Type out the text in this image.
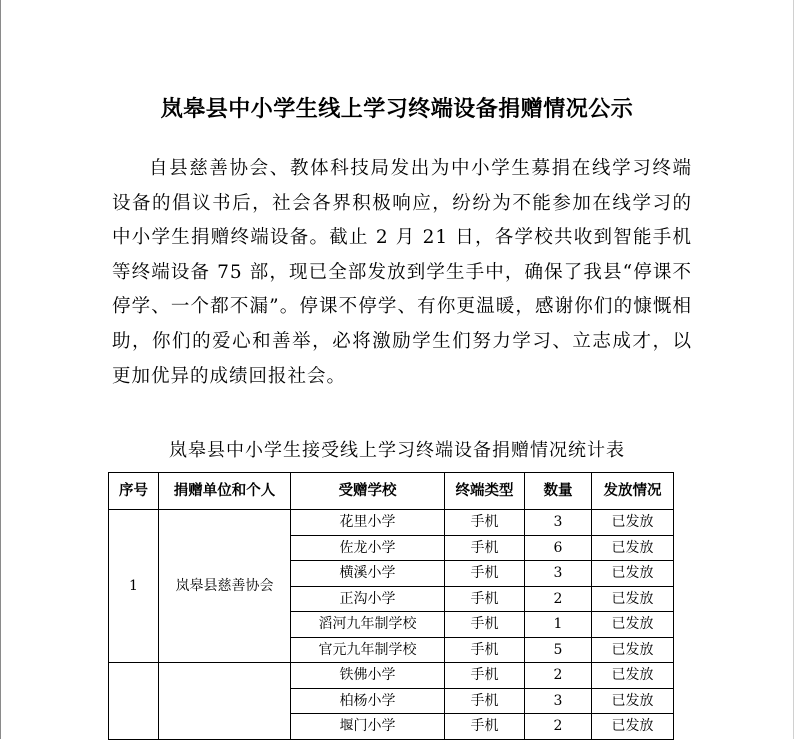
岚皋县中小学生线上学习终端设备捐赠情况公示

自县慈善协会、教体科技局发出为中小学生募捐在线学习终端设备的倡议书后，社会各界积极响应，纷纷为不能参加在线学习的中小学生捐赠终端设备。截止 2 月 21 日，各学校共收到智能手机等终端设备 75 部，现已全部发放到学生手中，确保了我县“停课不停学、一个都不漏”。停课不停学、有你更温暖，感谢你们的慷慨相助，你们的爱心和善举，必将激励学生们努力学习、立志成才，以更加优异的成绩回报社会。

岚皋县中小学生接受线上学习终端设备捐赠情况统计表
序号	捐赠单位和个人	受赠学校	终端类型	数量	发放情况
1	岚皋县慈善协会	花里小学	手机	3	已发放
		佐龙小学	手机	6	已发放
		横溪小学	手机	3	已发放
		正沟小学	手机	2	已发放
		滔河九年制学校	手机	1	已发放
		官元九年制学校	手机	5	已发放
		铁佛小学	手机	2	已发放
		柏杨小学	手机	3	已发放
		堰门小学	手机	2	已发放
